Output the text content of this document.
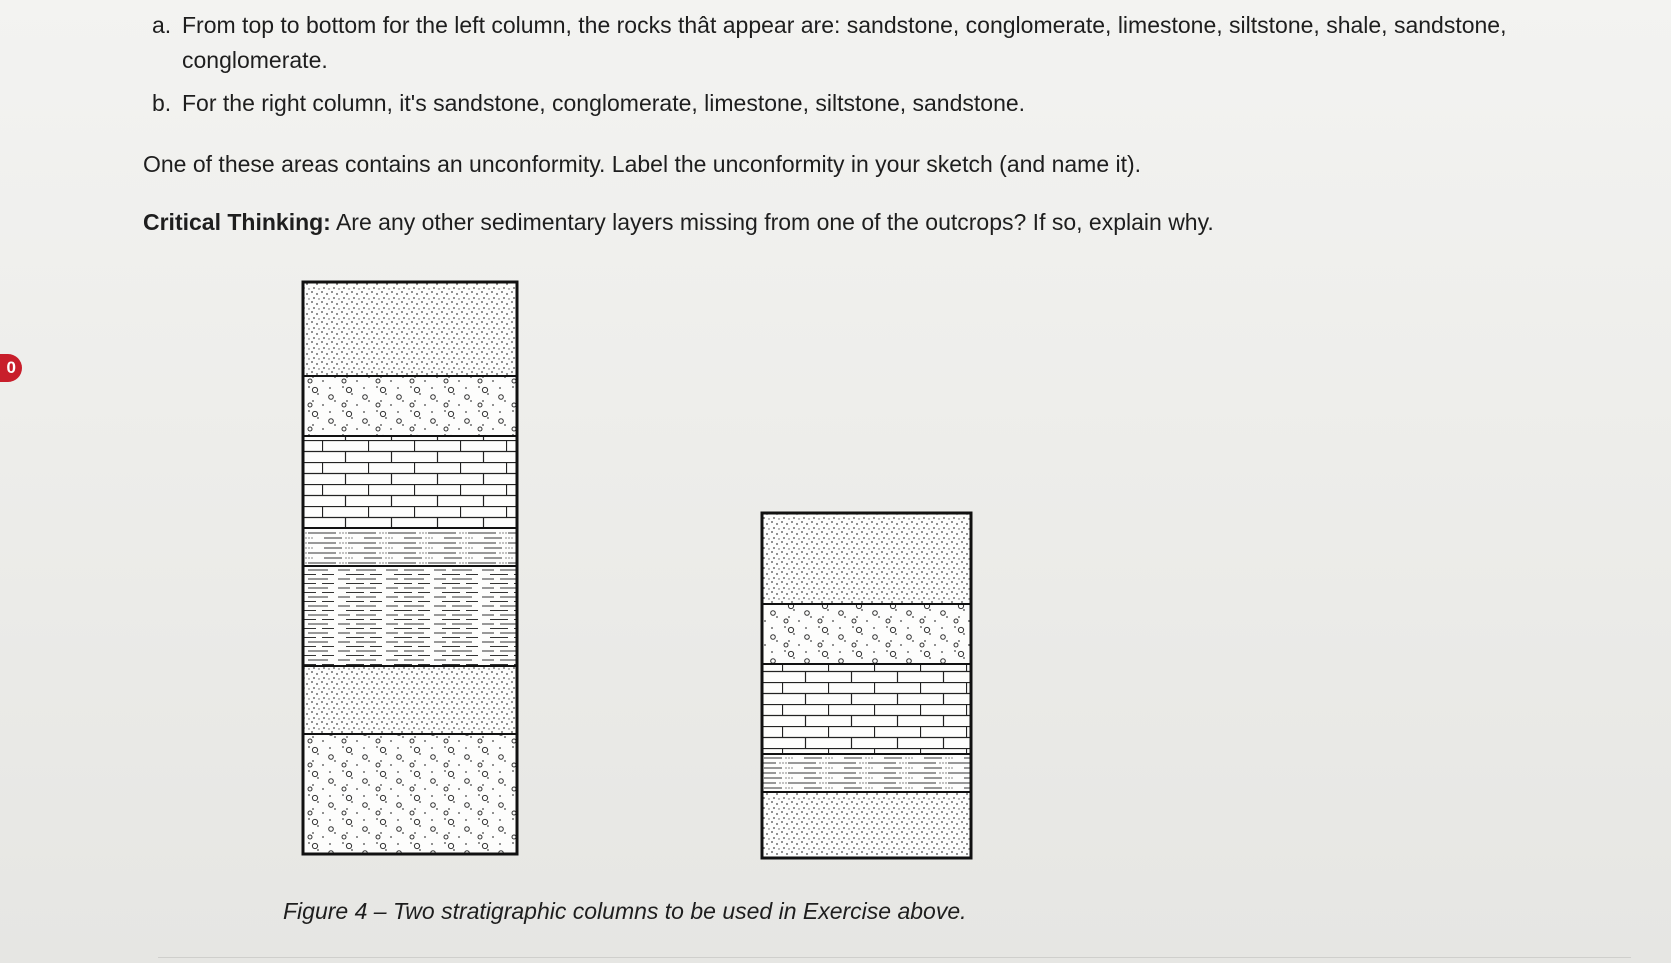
a. From top to bottom for the left column, the rocks thât appear are: sandstone, conglomerate, limestone, siltstone, shale, sandstone,
conglomerate.
b. For the right column, it's sandstone, conglomerate, limestone, siltstone, sandstone.
One of these areas contains an unconformity. Label the unconformity in your sketch (and name it).
Critical Thinking: Are any other sedimentary layers missing from one of the outcrops? If so, explain why.
0
Figure 4 – Two stratigraphic columns to be used in Exercise above.
